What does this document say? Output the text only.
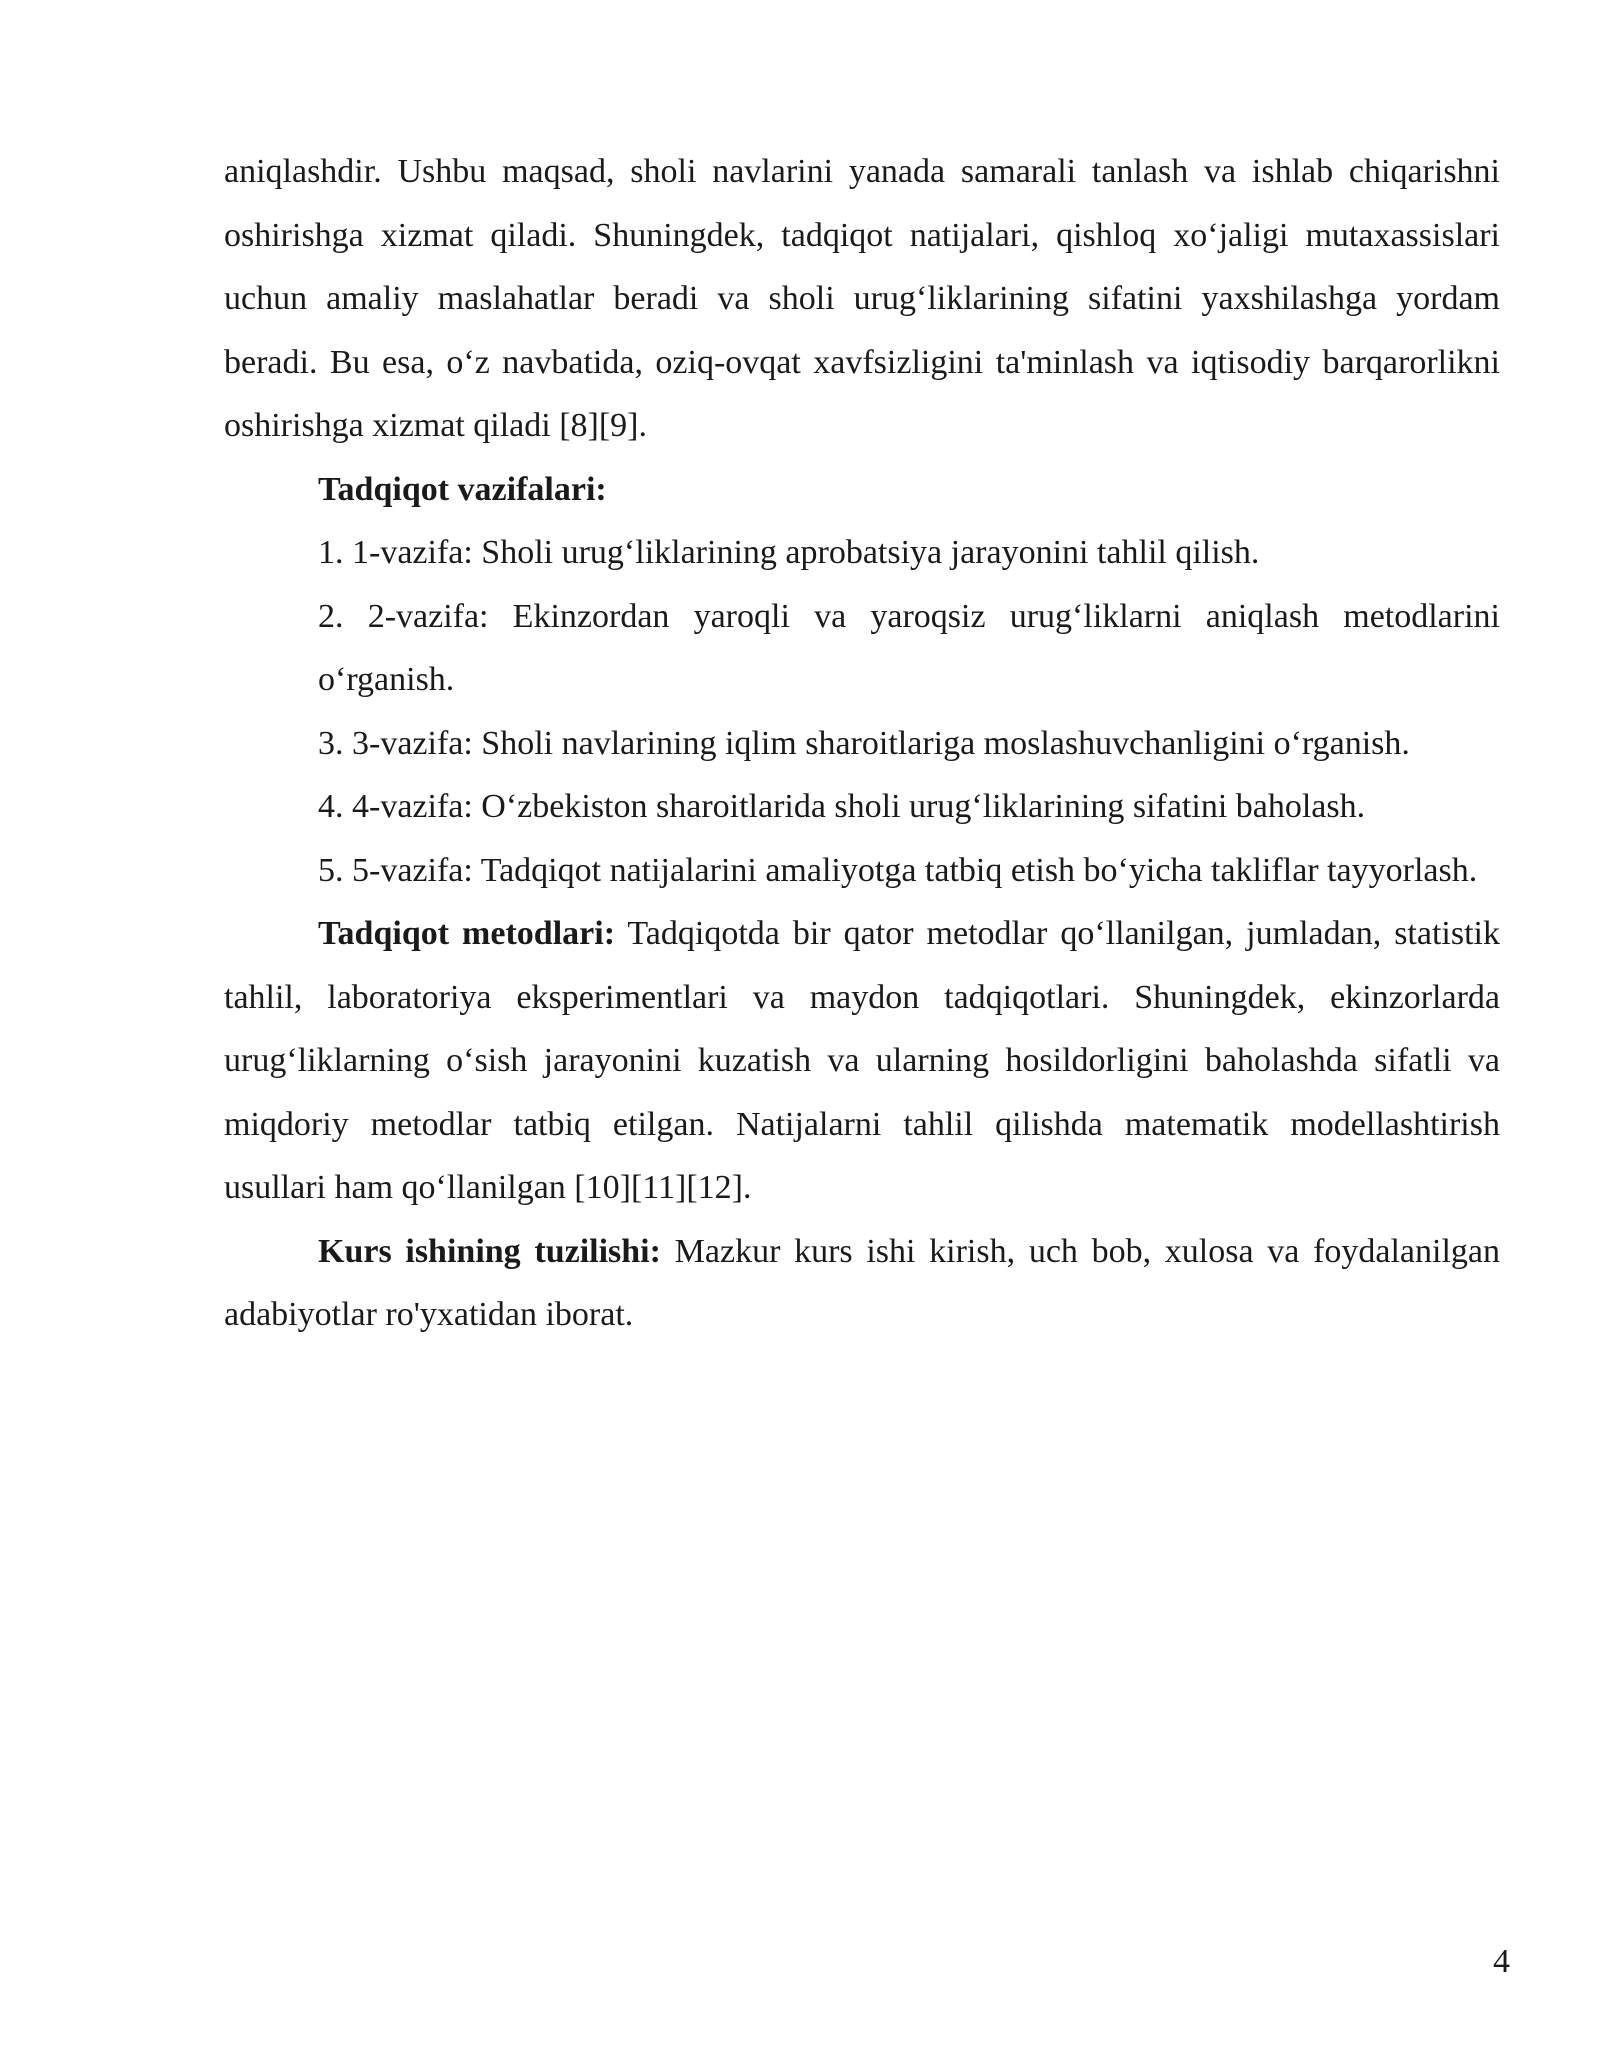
aniqlashdir. Ushbu maqsad, sholi navlarini yanada samarali tanlash va ishlab chiqarishni oshirishga xizmat qiladi. Shuningdek, tadqiqot natijalari, qishloq xo‘jaligi mutaxassislari uchun amaliy maslahatlar beradi va sholi urug‘liklarining sifatini yaxshilashga yordam beradi. Bu esa, o‘z navbatida, oziq-ovqat xavfsizligini ta'minlash va iqtisodiy barqarorlikni oshirishga xizmat qiladi [8][9].

Tadqiqot vazifalari:

1. 1-vazifa: Sholi urug‘liklarining aprobatsiya jarayonini tahlil qilish.

2. 2-vazifa: Ekinzordan yaroqli va yaroqsiz urug‘liklarni aniqlash metodlarini o‘rganish.

3. 3-vazifa: Sholi navlarining iqlim sharoitlariga moslashuvchanligini o‘rganish.

4. 4-vazifa: O‘zbekiston sharoitlarida sholi urug‘liklarining sifatini baholash.

5. 5-vazifa: Tadqiqot natijalarini amaliyotga tatbiq etish bo‘yicha takliflar tayyorlash.

Tadqiqot metodlari: Tadqiqotda bir qator metodlar qo‘llanilgan, jumladan, statistik tahlil, laboratoriya eksperimentlari va maydon tadqiqotlari. Shuningdek, ekinzorlarda urug‘liklarning o‘sish jarayonini kuzatish va ularning hosildorligini baholashda sifatli va miqdoriy metodlar tatbiq etilgan. Natijalarni tahlil qilishda matematik modellashtirish usullari ham qo‘llanilgan [10][11][12].

Kurs ishining tuzilishi: Mazkur kurs ishi kirish, uch bob, xulosa va foydalanilgan adabiyotlar ro'yxatidan iborat.

4
